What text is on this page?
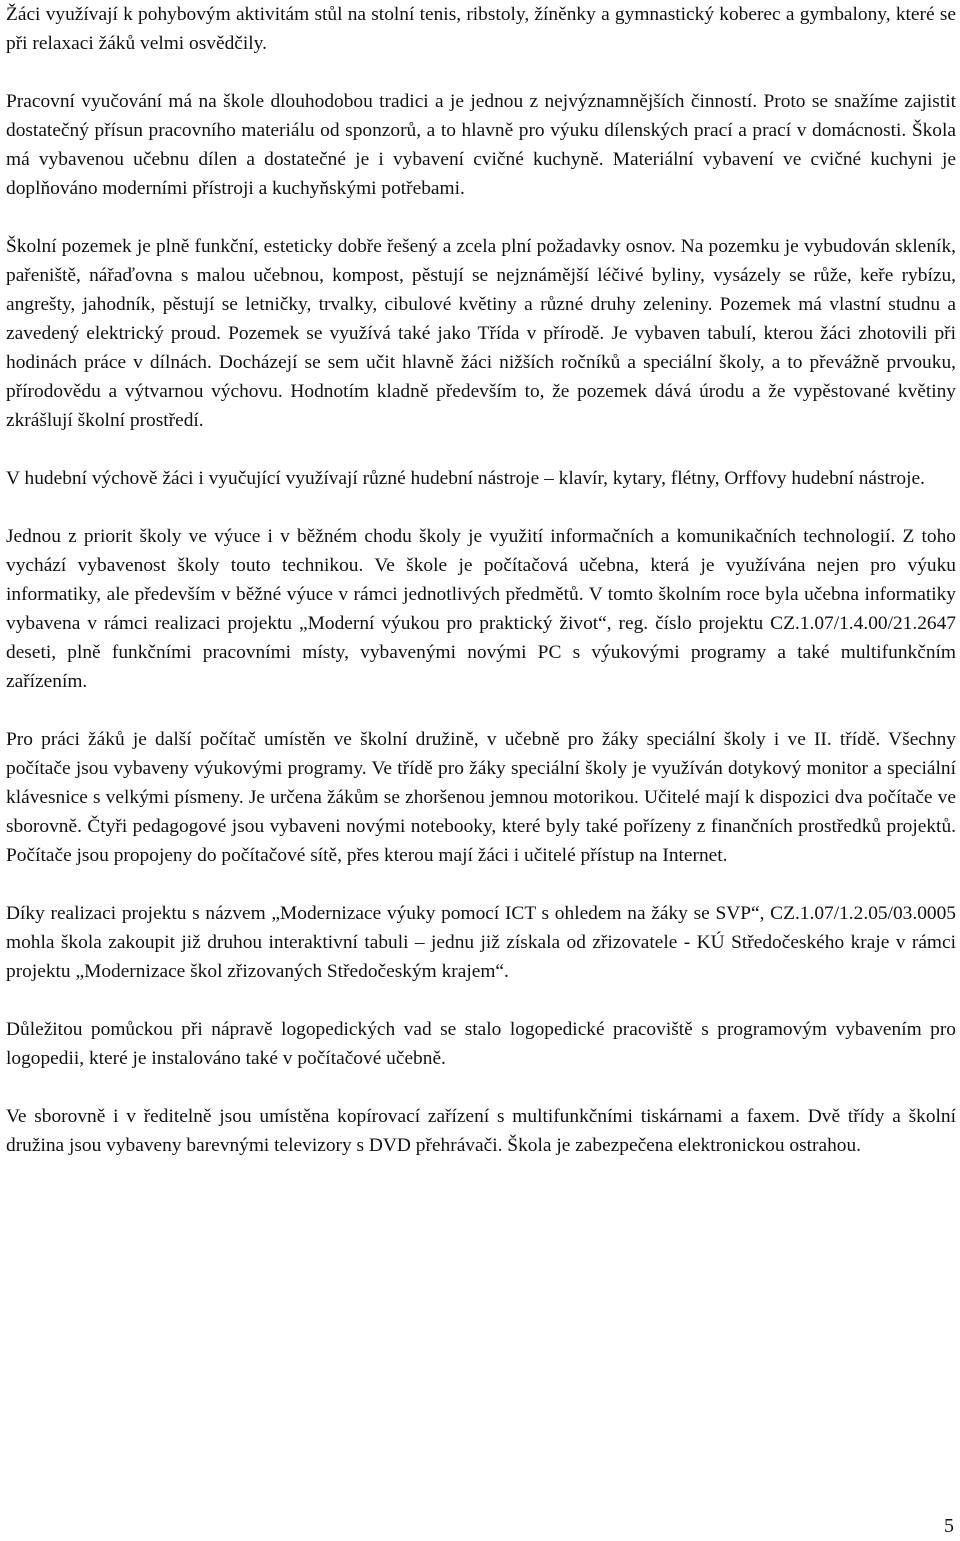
Žáci využívají k pohybovým aktivitám stůl na stolní tenis, ribstoly, žíněnky a gymnastický koberec a gymbalony, které se při relaxaci žáků velmi osvědčily.

Pracovní vyučování má na škole dlouhodobou tradici a je jednou z nejvýznamnějších činností. Proto se snažíme zajistit dostatečný přísun pracovního materiálu od sponzorů, a to hlavně pro výuku dílenských prací a prací v domácnosti. Škola má vybavenou učebnu dílen a dostatečné je i vybavení cvičné kuchyně. Materiální vybavení ve cvičné kuchyni je doplňováno moderními přístroji a kuchyňskými potřebami.

Školní pozemek je plně funkční, esteticky dobře řešený a zcela plní požadavky osnov. Na pozemku je vybudován skleník, pařeniště, nářaďovna s malou učebnou, kompost, pěstují se nejznámější léčivé byliny, vysázely se růže, keře rybízu, angrešty, jahodník, pěstují se letničky, trvalky, cibulové květiny a různé druhy zeleniny. Pozemek má vlastní studnu a zavedený elektrický proud. Pozemek se využívá také jako Třída v přírodě. Je vybaven tabulí, kterou žáci zhotovili při hodinách práce v dílnách. Docházejí se sem učit hlavně žáci nižších ročníků a speciální školy, a to převážně prvouku, přírodovědu a výtvarnou výchovu. Hodnotím kladně především to, že pozemek dává úrodu a že vypěstované květiny zkrášlují školní prostředí.

V hudební výchově žáci i vyučující využívají různé hudební nástroje – klavír, kytary, flétny, Orffovy hudební nástroje.

Jednou z priorit školy ve výuce i v běžném chodu školy je využití informačních a komunikačních technologií. Z toho vychází vybavenost školy touto technikou. Ve škole je počítačová učebna, která je využívána nejen pro výuku informatiky, ale především v běžné výuce v rámci jednotlivých předmětů. V tomto školním roce byla učebna informatiky vybavena v rámci realizaci projektu „Moderní výukou pro praktický život“, reg. číslo projektu CZ.1.07/1.4.00/21.2647 deseti, plně funkčními pracovními místy, vybavenými novými PC s výukovými programy a také multifunkčním zařízením.

Pro práci žáků je další počítač umístěn ve školní družině, v učebně pro žáky speciální školy i ve II. třídě. Všechny počítače jsou vybaveny výukovými programy. Ve třídě pro žáky speciální školy je využíván dotykový monitor a speciální klávesnice s velkými písmeny. Je určena žákům se zhoršenou jemnou motorikou. Učitelé mají k dispozici dva počítače ve sborovně. Čtyři pedagogové jsou vybaveni novými notebooky, které byly také pořízeny z finančních prostředků projektů. Počítače jsou propojeny do počítačové sítě, přes kterou mají žáci i učitelé přístup na Internet.

Díky realizaci projektu s názvem „Modernizace výuky pomocí ICT s ohledem na žáky se SVP“, CZ.1.07/1.2.05/03.0005 mohla škola zakoupit již druhou interaktivní tabuli – jednu již získala od zřizovatele - KÚ Středočeského kraje v rámci projektu „Modernizace škol zřizovaných Středočeským krajem“.

Důležitou pomůckou při nápravě logopedických vad se stalo logopedické pracoviště s programovým vybavením pro logopedii, které je instalováno také v počítačové učebně.

Ve sborovně i v ředitelně jsou umístěna kopírovací zařízení s multifunkčními tiskárnami a faxem. Dvě třídy a školní družina jsou vybaveny barevnými televizory s DVD přehrávači. Škola je zabezpečena elektronickou ostrahou.

5
